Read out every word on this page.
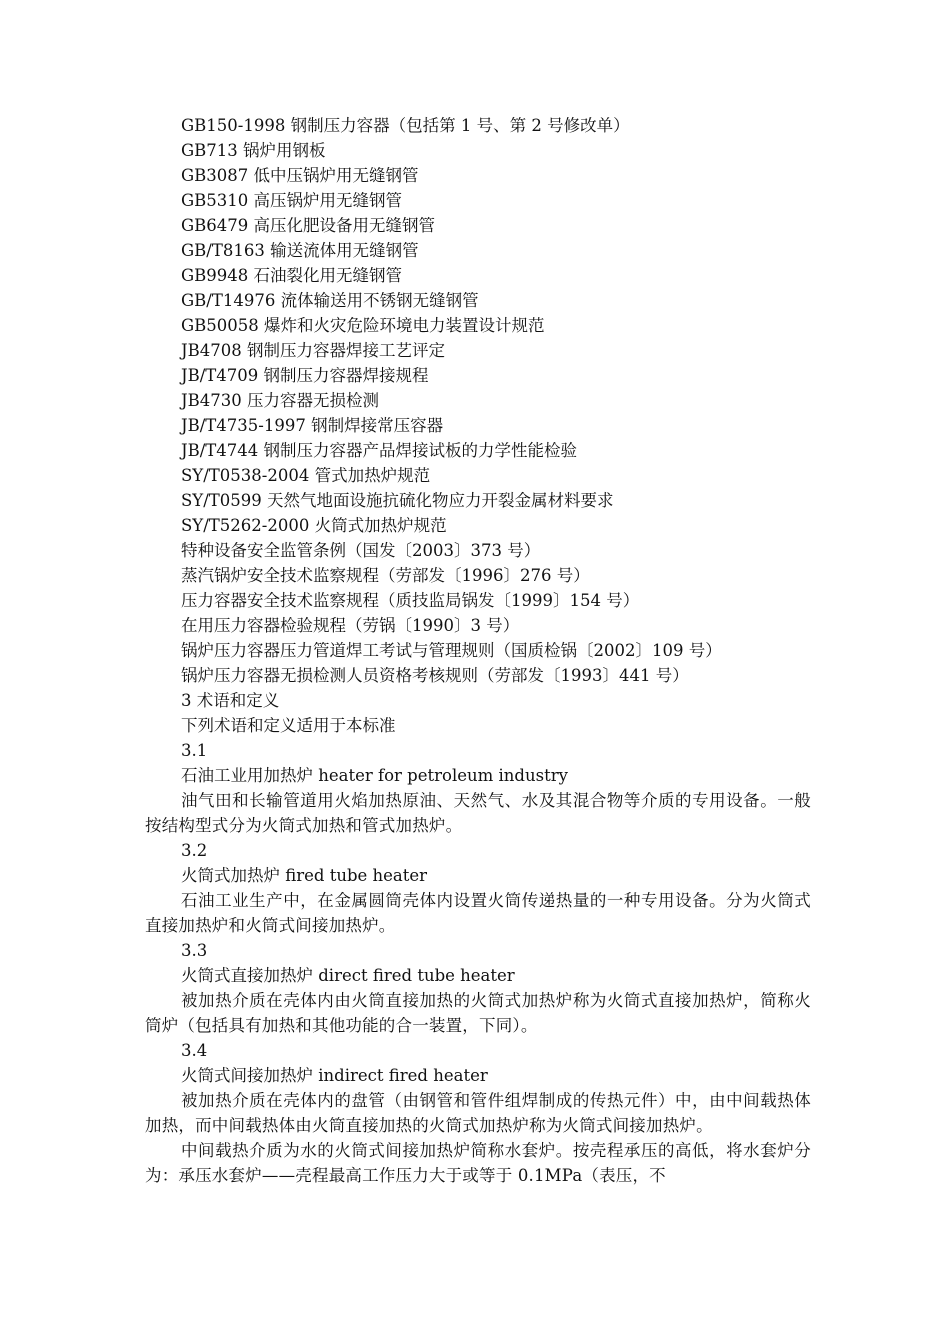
GB150-1998 钢制压力容器（包括第 1 号、第 2 号修改单）

GB713 锅炉用钢板

GB3087 低中压锅炉用无缝钢管

GB5310 高压锅炉用无缝钢管

GB6479 高压化肥设备用无缝钢管

GB/T8163 输送流体用无缝钢管

GB9948 石油裂化用无缝钢管

GB/T14976 流体输送用不锈钢无缝钢管

GB50058 爆炸和火灾危险环境电力装置设计规范

JB4708 钢制压力容器焊接工艺评定

JB/T4709 钢制压力容器焊接规程

JB4730 压力容器无损检测

JB/T4735-1997 钢制焊接常压容器

JB/T4744 钢制压力容器产品焊接试板的力学性能检验

SY/T0538-2004 管式加热炉规范

SY/T0599 天然气地面设施抗硫化物应力开裂金属材料要求

SY/T5262-2000 火筒式加热炉规范

特种设备安全监管条例（国发〔2003〕373 号）

蒸汽锅炉安全技术监察规程（劳部发〔1996〕276 号）

压力容器安全技术监察规程（质技监局锅发〔1999〕154 号）

在用压力容器检验规程（劳锅〔1990〕3 号）

锅炉压力容器压力管道焊工考试与管理规则（国质检锅〔2002〕109 号）

锅炉压力容器无损检测人员资格考核规则（劳部发〔1993〕441 号）

3 术语和定义

下列术语和定义适用于本标准

3.1

石油工业用加热炉 heater for petroleum industry

油气田和长输管道用火焰加热原油、天然气、水及其混合物等介质的专用设备。一般按结构型式分为火筒式加热和管式加热炉。

3.2

火筒式加热炉 fired tube heater

石油工业生产中，在金属圆筒壳体内设置火筒传递热量的一种专用设备。分为火筒式直接加热炉和火筒式间接加热炉。

3.3

火筒式直接加热炉 direct fired tube heater

被加热介质在壳体内由火筒直接加热的火筒式加热炉称为火筒式直接加热炉，简称火筒炉（包括具有加热和其他功能的合一装置，下同）。

3.4

火筒式间接加热炉 indirect fired heater

被加热介质在壳体内的盘管（由钢管和管件组焊制成的传热元件）中，由中间载热体加热，而中间载热体由火筒直接加热的火筒式加热炉称为火筒式间接加热炉。

中间载热介质为水的火筒式间接加热炉简称水套炉。按壳程承压的高低，将水套炉分为：承压水套炉——壳程最高工作压力大于或等于 0.1MPa（表压，不
